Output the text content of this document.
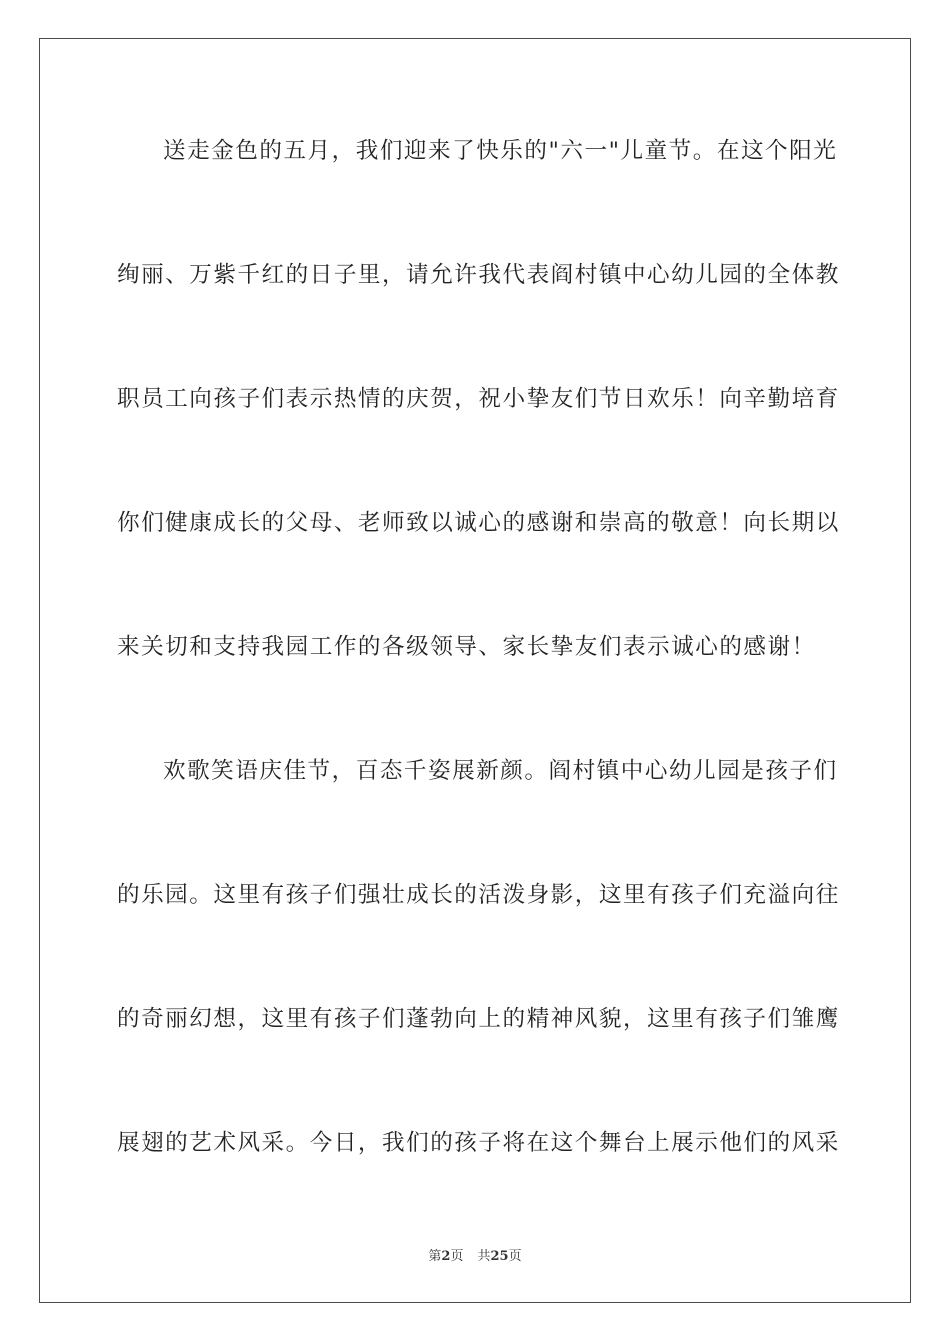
送走金色的五月，我们迎来了快乐的"六一"儿童节。在这个阳光
绚丽、万紫千红的日子里，请允许我代表阎村镇中心幼儿园的全体教
职员工向孩子们表示热情的庆贺，祝小挚友们节日欢乐！向辛勤培育
你们健康成长的父母、老师致以诚心的感谢和崇高的敬意！向长期以
来关切和支持我园工作的各级领导、家长挚友们表示诚心的感谢！
欢歌笑语庆佳节，百态千姿展新颜。阎村镇中心幼儿园是孩子们
的乐园。这里有孩子们强壮成长的活泼身影，这里有孩子们充溢向往
的奇丽幻想，这里有孩子们蓬勃向上的精神风貌，这里有孩子们雏鹰
展翅的艺术风采。今日，我们的孩子将在这个舞台上展示他们的风采
第2页 共25页
